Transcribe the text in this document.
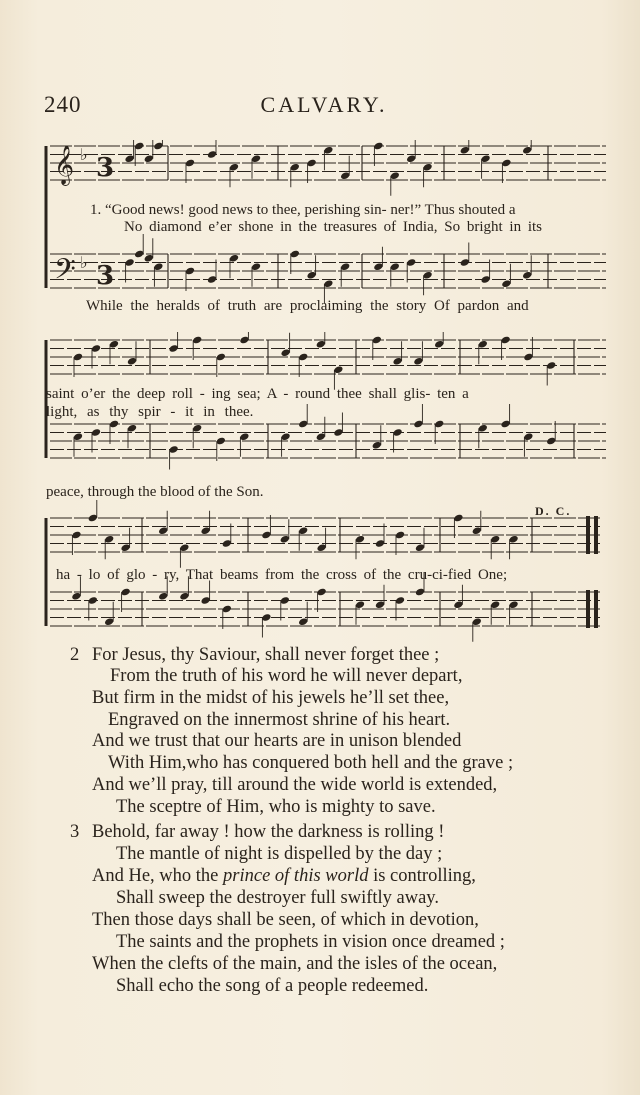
240	CALVARY.
𝄞 ♭ 3
𝄢 ♭ 3
1. “Good news! good news to thee, perishing sin- ner!” Thus shouted a
No diamond e’er shone in the treasures of India, So bright in its
While the heralds of truth are proclaiming the story Of pardon and
saint o’er the deep roll - ing sea; A - round thee shall glis- ten a
light, as thy spir - it in thee.
peace, through the blood of the Son.
D. C.
ha - lo of glo - ry, That beams from the cross of the cru-ci-fied One;
2 For Jesus, thy Saviour, shall never forget thee ;
From the truth of his word he will never depart,
But firm in the midst of his jewels he’ll set thee,
Engraved on the innermost shrine of his heart.
And we trust that our hearts are in unison blended
With Him,who has conquered both hell and the grave ;
And we’ll pray, till around the wide world is extended,
The sceptre of Him, who is mighty to save.
3 Behold, far away ! how the darkness is rolling !
The mantle of night is dispelled by the day ;
And He, who the prince of this world is controlling,
Shall sweep the destroyer full swiftly away.
Then those days shall be seen, of which in devotion,
The saints and the prophets in vision once dreamed ;
When the clefts of the main, and the isles of the ocean,
Shall echo the song of a people redeemed.
